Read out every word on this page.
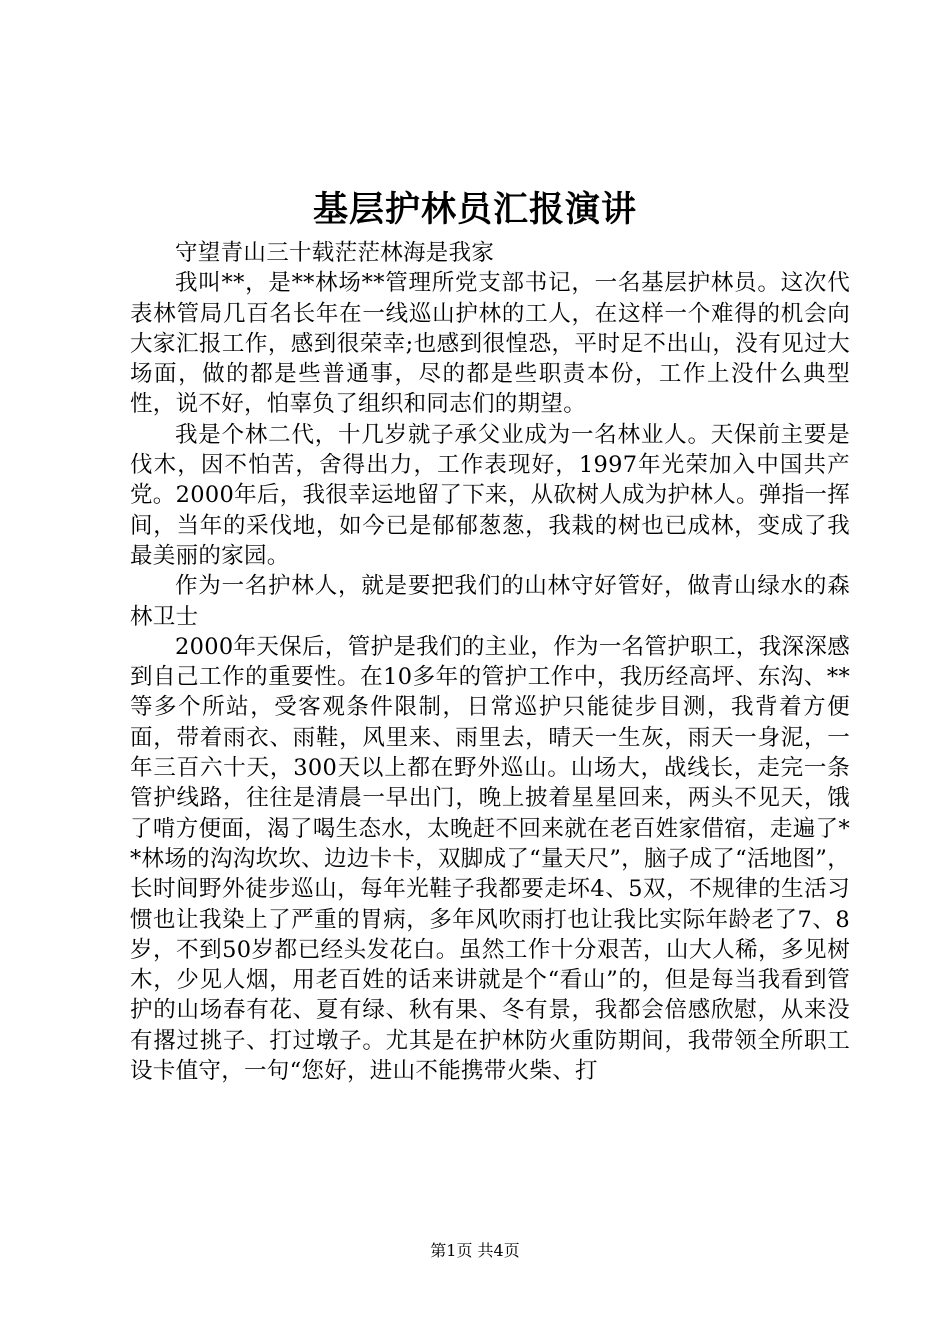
基层护林员汇报演讲

守望青山三十载茫茫林海是我家

我叫**，是**林场**管理所党支部书记，一名基层护林员。这次代表林管局几百名长年在一线巡山护林的工人，在这样一个难得的机会向大家汇报工作，感到很荣幸;也感到很惶恐，平时足不出山，没有见过大场面，做的都是些普通事，尽的都是些职责本份，工作上没什么典型性，说不好，怕辜负了组织和同志们的期望。

我是个林二代，十几岁就子承父业成为一名林业人。天保前主要是伐木，因不怕苦，舍得出力，工作表现好，1997年光荣加入中国共产党。2000年后，我很幸运地留了下来，从砍树人成为护林人。弹指一挥间，当年的采伐地，如今已是郁郁葱葱，我栽的树也已成林，变成了我最美丽的家园。

作为一名护林人，就是要把我们的山林守好管好，做青山绿水的森林卫士

2000年天保后，管护是我们的主业，作为一名管护职工，我深深感到自己工作的重要性。在10多年的管护工作中，我历经高坪、东沟、**等多个所站，受客观条件限制，日常巡护只能徒步目测，我背着方便面，带着雨衣、雨鞋，风里来、雨里去，晴天一生灰，雨天一身泥，一年三百六十天，300天以上都在野外巡山。山场大，战线长，走完一条管护线路，往往是清晨一早出门，晚上披着星星回来，两头不见天，饿了啃方便面，渴了喝生态水，太晚赶不回来就在老百姓家借宿，走遍了**林场的沟沟坎坎、边边卡卡，双脚成了“量天尺”，脑子成了“活地图”，长时间野外徒步巡山，每年光鞋子我都要走坏4、5双，不规律的生活习惯也让我染上了严重的胃病，多年风吹雨打也让我比实际年龄老了7、8岁，不到50岁都已经头发花白。虽然工作十分艰苦，山大人稀，多见树木，少见人烟，用老百姓的话来讲就是个“看山”的，但是每当我看到管护的山场春有花、夏有绿、秋有果、冬有景，我都会倍感欣慰，从来没有撂过挑子、打过墩子。尤其是在护林防火重防期间，我带领全所职工设卡值守，一句“您好，进山不能携带火柴、打

第1页 共4页
